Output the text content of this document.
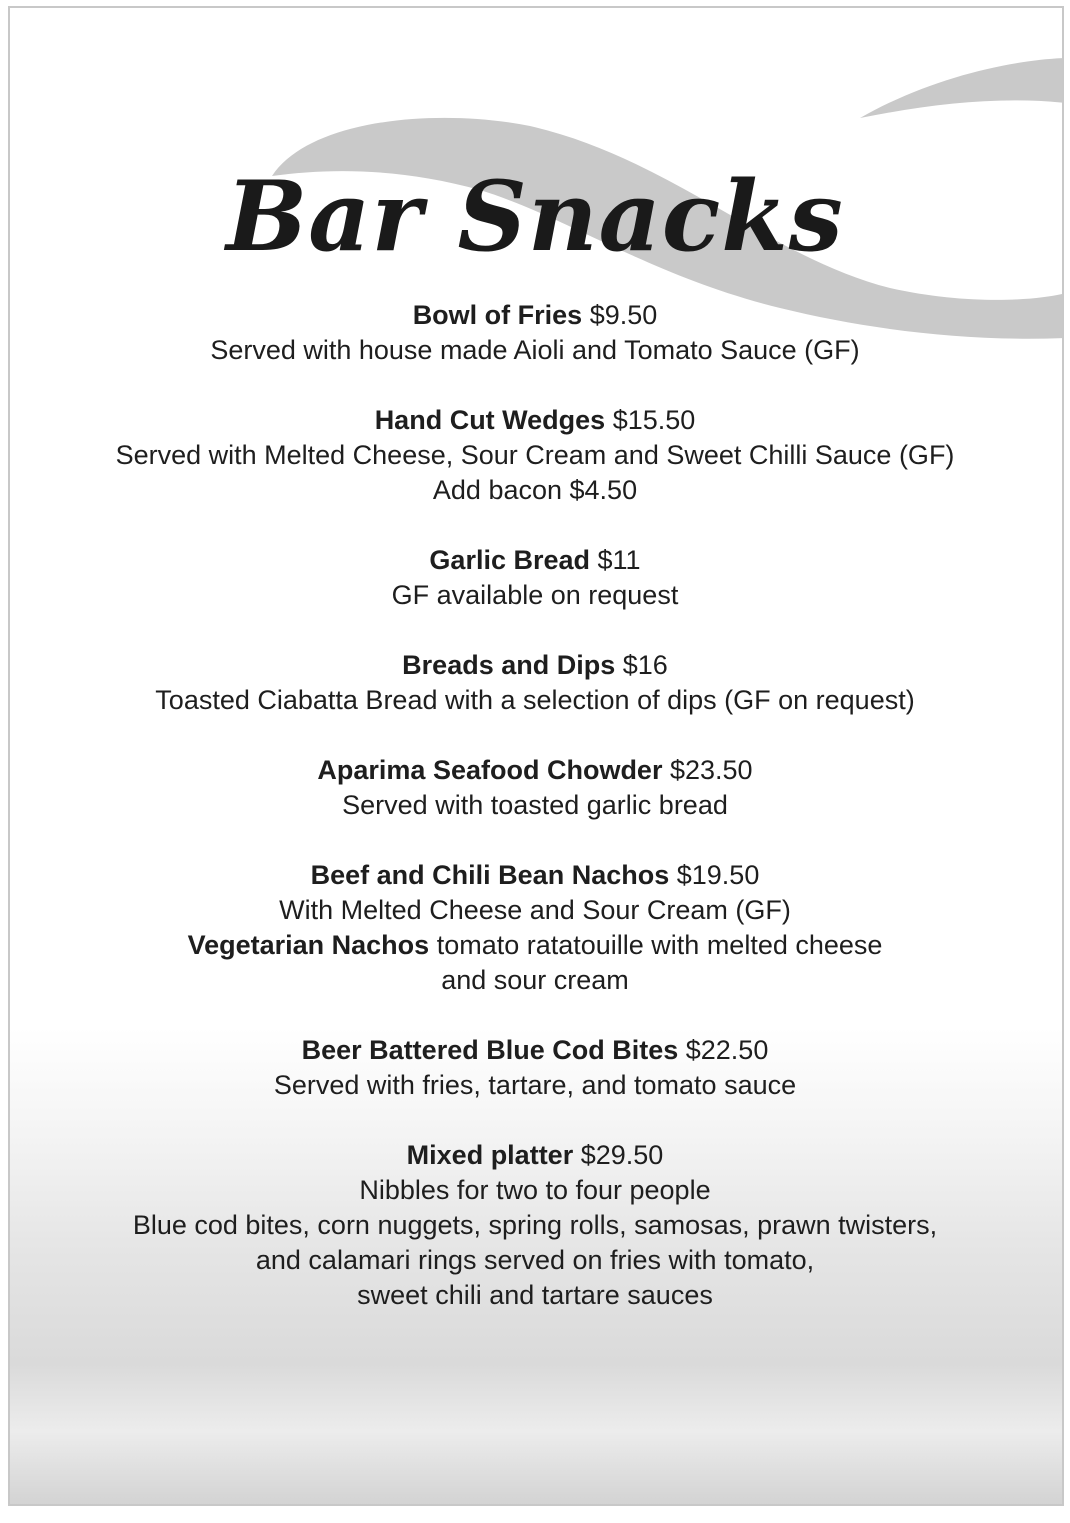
Bar Snacks
Bowl of Fries $9.50
Served with house made Aioli and Tomato Sauce (GF)
Hand Cut Wedges $15.50
Served with Melted Cheese, Sour Cream and Sweet Chilli Sauce (GF)
Add bacon $4.50
Garlic Bread $11
GF available on request
Breads and Dips $16
Toasted Ciabatta Bread with a selection of dips (GF on request)
Aparima Seafood Chowder $23.50
Served with toasted garlic bread
Beef and Chili Bean Nachos $19.50
With Melted Cheese and Sour Cream (GF)
Vegetarian Nachos tomato ratatouille with melted cheese
and sour cream
Beer Battered Blue Cod Bites $22.50
Served with fries, tartare, and tomato sauce
Mixed platter $29.50
Nibbles for two to four people
Blue cod bites, corn nuggets, spring rolls, samosas, prawn twisters,
and calamari rings served on fries with tomato,
sweet chili and tartare sauces
